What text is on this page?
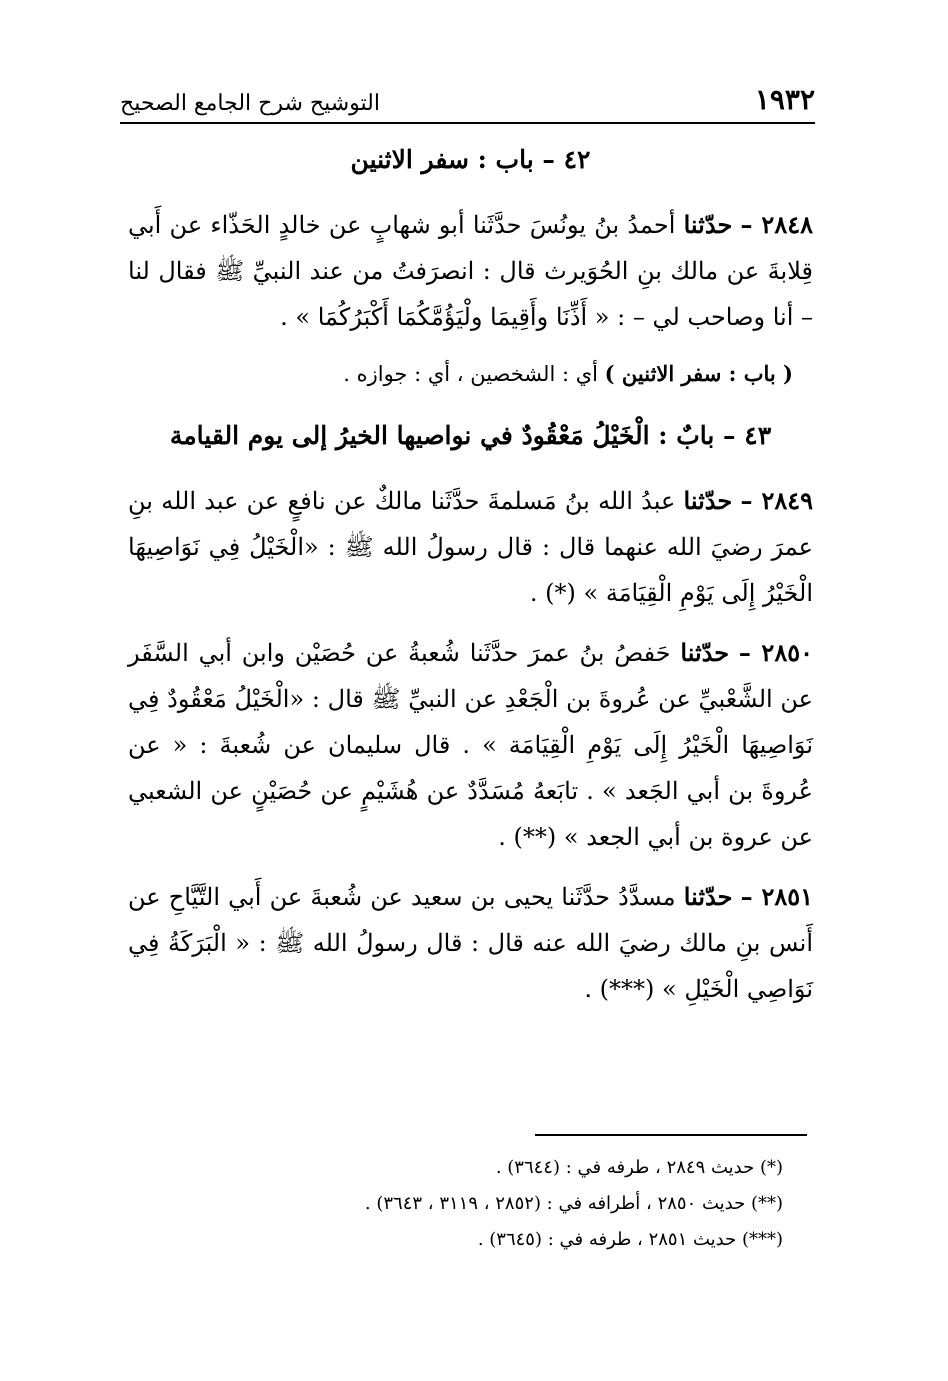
١٩٣٢
التوشيح شرح الجامع الصحيح
٤٢ – باب : سفر الاثنين

٢٨٤٨ – حدّثنا أحمدُ بنُ يونُسَ حدَّثَنا أبو شهابٍ عن خالدٍ الحَذّاء عن أَبي قِلابةَ عن مالك بنِ الحُوَيرث قال : انصرَفتُ من عند النبيِّ ﷺ فقال لنا – أنا وصاحب لي – : « أَذِّنَا وأَقِيمَا ولْيَؤُمَّكُمَا أَكْبَرُكُمَا » .

( باب : سفر الاثنين ) أي : الشخصين ، أي : جوازه .

٤٣ – بابٌ : الْخَيْلُ مَعْقُودٌ في نواصيها الخيرُ إلى يوم القيامة

٢٨٤٩ – حدّثنا عبدُ الله بنُ مَسلمةَ حدَّثَنا مالكٌ عن نافعٍ عن عبد الله بنِ عمرَ رضيَ الله عنهما قال : قال رسولُ الله ﷺ : «الْخَيْلُ فِي نَوَاصِيهَا الْخَيْرُ إِلَى يَوْمِ الْقِيَامَة » (*) .

٢٨٥٠ – حدّثنا حَفصُ بنُ عمرَ حدَّثَنا شُعبةُ عن حُصَيْن وابن أبي السَّفَر عن الشَّعْبيِّ عن عُروةَ بن الْجَعْدِ عن النبيِّ ﷺ قال : «الْخَيْلُ مَعْقُودٌ فِي نَوَاصِيهَا الْخَيْرُ إِلَى يَوْمِ الْقِيَامَة » . قال سليمان عن شُعبةَ : « عن عُروةَ بن أبي الجَعد » . تابَعهُ مُسَدَّدٌ عن هُشَيْمٍ عن حُصَيْنٍ عن الشعبي عن عروة بن أبي الجعد » (**) .

٢٨٥١ – حدّثنا مسدَّدُ حدَّثَنا يحيى بن سعيد عن شُعبةَ عن أَبي التَّيَّاحِ عن أَنس بنِ مالك رضيَ الله عنه قال : قال رسولُ الله ﷺ : « الْبَرَكَةُ فِي نَوَاصِي الْخَيْلِ » (***) .

(*) حديث ٢٨٤٩ ، طرفه في : (٣٦٤٤) .

(**) حديث ٢٨٥٠ ، أطرافه في : (٢٨٥٢ ، ٣١١٩ ، ٣٦٤٣) .

(***) حديث ٢٨٥١ ، طرفه في : (٣٦٤٥) .
